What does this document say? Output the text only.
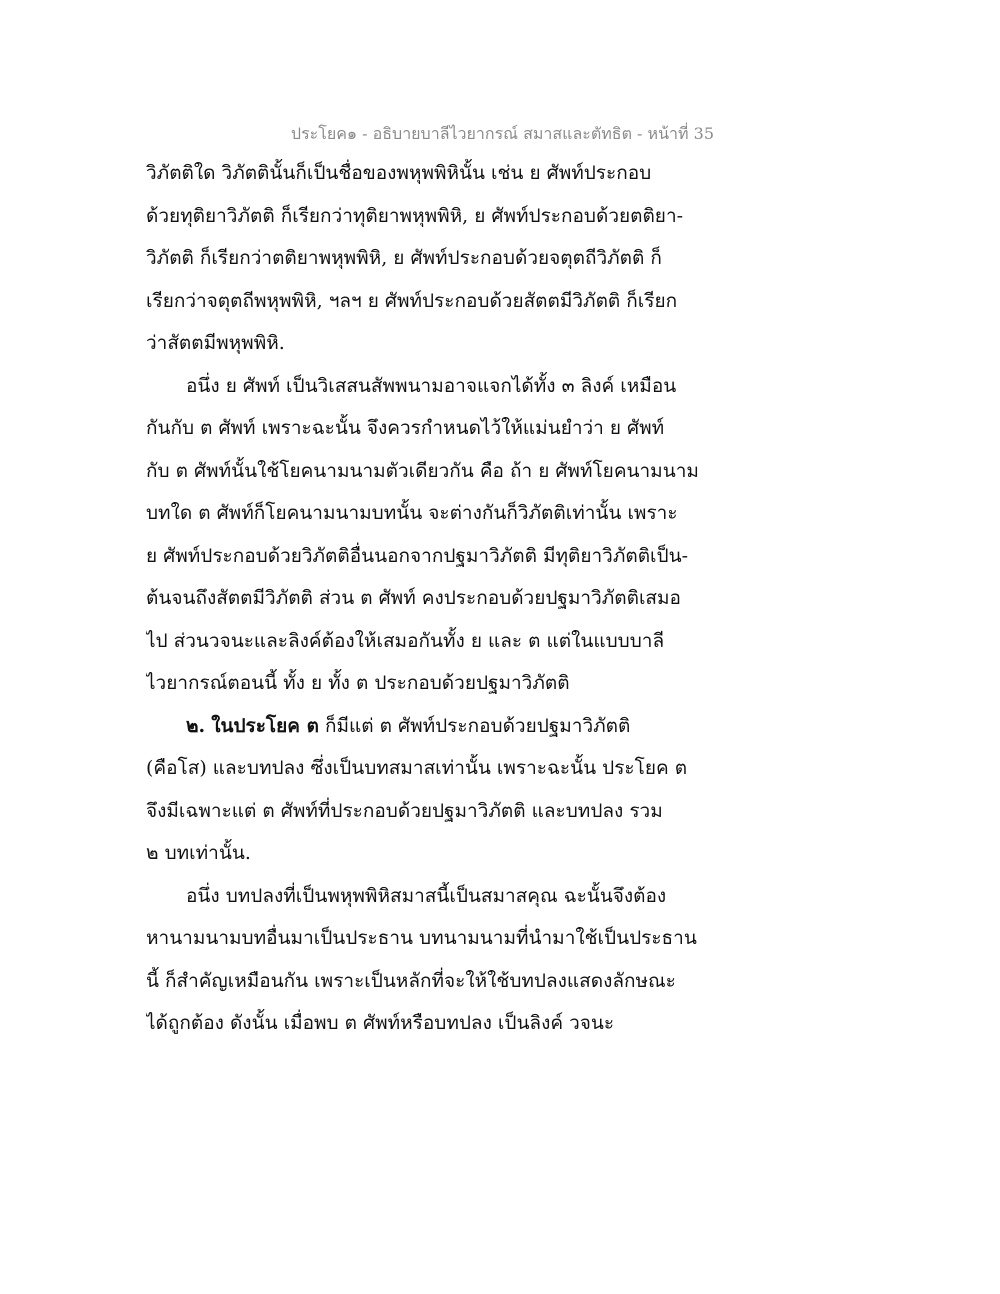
ประโยค๑ - อธิบายบาลีไวยากรณ์ สมาสและตัทธิต - หน้าที่ 35
วิภัตติใด วิภัตตินั้นก็เป็นชื่อของพหุพพิหินั้น เช่น ย ศัพท์ประกอบ
ด้วยทุติยาวิภัตติ ก็เรียกว่าทุติยาพหุพพิหิ, ย ศัพท์ประกอบด้วยตติยา-
วิภัตติ ก็เรียกว่าตติยาพหุพพิหิ, ย ศัพท์ประกอบด้วยจตุตถีวิภัตติ ก็
เรียกว่าจตุตถีพหุพพิหิ, ฯลฯ ย ศัพท์ประกอบด้วยสัตตมีวิภัตติ ก็เรียก
ว่าสัตตมีพหุพพิหิ.
อนึ่ง ย ศัพท์ เป็นวิเสสนสัพพนามอาจแจกได้ทั้ง ๓ ลิงค์ เหมือน
กันกับ ต ศัพท์ เพราะฉะนั้น จึงควรกำหนดไว้ให้แม่นยำว่า ย ศัพท์
กับ ต ศัพท์นั้นใช้โยคนามนามตัวเดียวกัน คือ ถ้า ย ศัพท์โยคนามนาม
บทใด ต ศัพท์ก็โยคนามนามบทนั้น จะต่างกันก็วิภัตติเท่านั้น เพราะ
ย ศัพท์ประกอบด้วยวิภัตติอื่นนอกจากปฐมาวิภัตติ มีทุติยาวิภัตติเป็น-
ต้นจนถึงสัตตมีวิภัตติ ส่วน ต ศัพท์ คงประกอบด้วยปฐมาวิภัตติเสมอ
ไป ส่วนวจนะและลิงค์ต้องให้เสมอกันทั้ง ย และ ต แต่ในแบบบาลี
ไวยากรณ์ตอนนี้ ทั้ง ย ทั้ง ต ประกอบด้วยปฐมาวิภัตติ
๒. ในประโยค ต ก็มีแต่ ต ศัพท์ประกอบด้วยปฐมาวิภัตติ
(คือโส) และบทปลง ซึ่งเป็นบทสมาสเท่านั้น เพราะฉะนั้น ประโยค ต
จึงมีเฉพาะแต่ ต ศัพท์ที่ประกอบด้วยปฐมาวิภัตติ และบทปลง รวม
๒ บทเท่านั้น.
อนึ่ง บทปลงที่เป็นพหุพพิหิสมาสนี้เป็นสมาสคุณ ฉะนั้นจึงต้อง
หานามนามบทอื่นมาเป็นประธาน บทนามนามที่นำมาใช้เป็นประธาน
นี้ ก็สำคัญเหมือนกัน เพราะเป็นหลักที่จะให้ใช้บทปลงแสดงลักษณะ
ได้ถูกต้อง ดังนั้น เมื่อพบ ต ศัพท์หรือบทปลง เป็นลิงค์ วจนะ
